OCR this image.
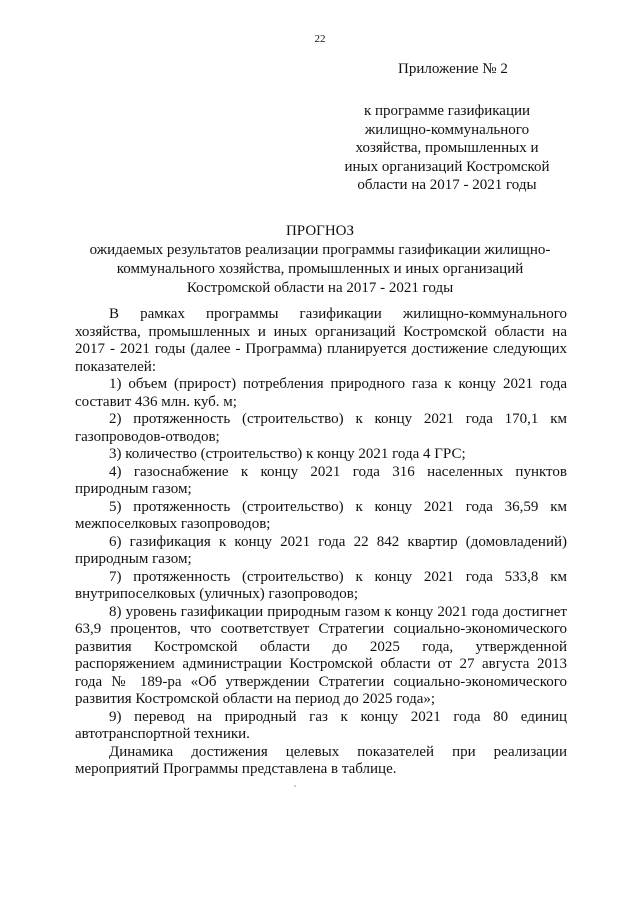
22
Приложение № 2
к программе газификации
жилищно-коммунального
хозяйства, промышленных и
иных организаций Костромской
области на 2017 - 2021 годы
ПРОГНОЗ
ожидаемых результатов реализации программы газификации жилищно-
коммунального хозяйства, промышленных и иных организаций
Костромской области на 2017 - 2021 годы

В рамках программы газификации жилищно-коммунального
хозяйства, промышленных и иных организаций Костромской области на
2017 - 2021 годы (далее - Программа) планируется достижение следующих
показателей:

1) объем (прирост) потребления природного газа к концу 2021 года
составит 436 млн. куб. м;

2) протяженность (строительство) к концу 2021 года 170,1 км
газопроводов-отводов;

3) количество (строительство) к концу 2021 года 4 ГРС;

4) газоснабжение к концу 2021 года 316 населенных пунктов
природным газом;

5) протяженность (строительство) к концу 2021 года 36,59 км
межпоселковых газопроводов;

6) газификация к концу 2021 года 22 842 квартир (домовладений)
природным газом;

7) протяженность (строительство) к концу 2021 года 533,8 км
внутрипоселковых (уличных) газопроводов;

8) уровень газификации природным газом к концу 2021 года достигнет
63,9 процентов, что соответствует Стратегии социально-экономического
развития Костромской области до 2025 года, утвержденной
распоряжением администрации Костромской области от 27 августа 2013
года № 189-ра «Об утверждении Стратегии социально-экономического
развития Костромской области на период до 2025 года»;

9) перевод на природный газ к концу 2021 года 80 единиц
автотранспортной техники.

Динамика достижения целевых показателей при реализации
мероприятий Программы представлена в таблице.
